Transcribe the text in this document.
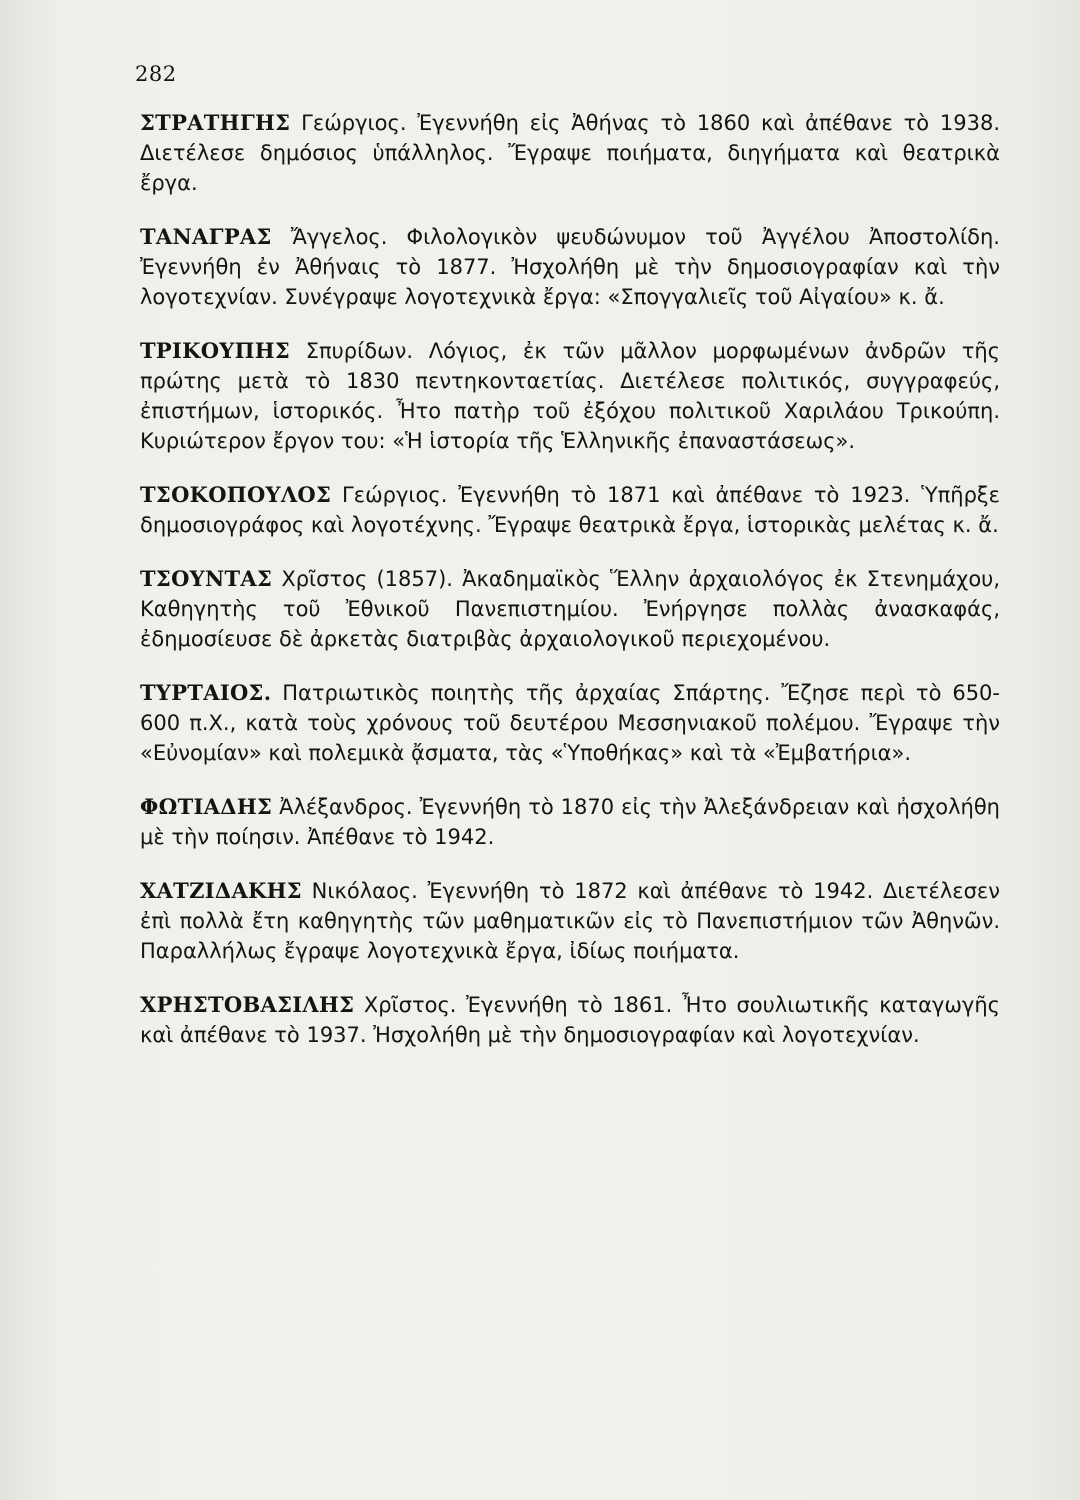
282

ΣΤΡΑΤΗΓΗΣ Γεώργιος. Ἐγεννήθη εἰς Ἀθήνας τὸ 1860 καὶ ἀπέθανε τὸ 1938. Διετέλεσε δημόσιος ὑπάλληλος. Ἔγραψε ποιήματα, διηγήματα καὶ θεατρικὰ ἔργα.

ΤΑΝΑΓΡΑΣ Ἄγγελος. Φιλολογικὸν ψευδώνυμον τοῦ Ἀγγέλου Ἀποστολίδη. Ἐγεννήθη ἐν Ἀθήναις τὸ 1877. Ἠσχολήθη μὲ τὴν δημοσιογραφίαν καὶ τὴν λογοτεχνίαν. Συνέγραψε λογοτεχνικὰ ἔργα: «Σπογγαλιεῖς τοῦ Αἰγαίου» κ. ἄ.

ΤΡΙΚΟΥΠΗΣ Σπυρίδων. Λόγιος, ἐκ τῶν μᾶλλον μορφωμένων ἀνδρῶν τῆς πρώτης μετὰ τὸ 1830 πεντηκονταετίας. Διετέλεσε πολιτικός, συγγραφεύς, ἐπιστήμων, ἱστορικός. Ἦτο πατὴρ τοῦ ἐξόχου πολιτικοῦ Χαριλάου Τρικούπη. Κυριώτερον ἔργον του: «Ἡ ἱστορία τῆς Ἑλληνικῆς ἐπαναστάσεως».

ΤΣΟΚΟΠΟΥΛΟΣ Γεώργιος. Ἐγεννήθη τὸ 1871 καὶ ἀπέθανε τὸ 1923. Ὑπῆρξε δημοσιογράφος καὶ λογοτέχνης. Ἔγραψε θεατρικὰ ἔργα, ἱστορικὰς μελέτας κ. ἄ.

ΤΣΟΥΝΤΑΣ Χρῖστος (1857). Ἀκαδημαϊκὸς Ἕλλην ἀρχαιολόγος ἐκ Στενημάχου, Καθηγητὴς τοῦ Ἐθνικοῦ Πανεπιστημίου. Ἐνήργησε πολλὰς ἀνασκαφάς, ἐδημοσίευσε δὲ ἀρκετὰς διατριβὰς ἀρχαιολογικοῦ περιεχομένου.

ΤΥΡΤΑΙΟΣ. Πατριωτικὸς ποιητὴς τῆς ἀρχαίας Σπάρτης. Ἔζησε περὶ τὸ 650-600 π.Χ., κατὰ τοὺς χρόνους τοῦ δευτέρου Μεσσηνιακοῦ πολέμου. Ἔγραψε τὴν «Εὐνομίαν» καὶ πολεμικὰ ᾄσματα, τὰς «Ὑποθήκας» καὶ τὰ «Ἐμβατήρια».

ΦΩΤΙΑΔΗΣ Ἀλέξανδρος. Ἐγεννήθη τὸ 1870 εἰς τὴν Ἀλεξάνδρειαν καὶ ἠσχολήθη μὲ τὴν ποίησιν. Ἀπέθανε τὸ 1942.

ΧΑΤΖΙΔΑΚΗΣ Νικόλαος. Ἐγεννήθη τὸ 1872 καὶ ἀπέθανε τὸ 1942. Διετέλεσεν ἐπὶ πολλὰ ἔτη καθηγητὴς τῶν μαθηματικῶν εἰς τὸ Πανεπιστήμιον τῶν Ἀθηνῶν. Παραλλήλως ἔγραψε λογοτεχνικὰ ἔργα, ἰδίως ποιήματα.

ΧΡΗΣΤΟΒΑΣΙΛΗΣ Χρῖστος. Ἐγεννήθη τὸ 1861. Ἦτο σουλιωτικῆς καταγωγῆς καὶ ἀπέθανε τὸ 1937. Ἠσχολήθη μὲ τὴν δημοσιογραφίαν καὶ λογοτεχνίαν.
